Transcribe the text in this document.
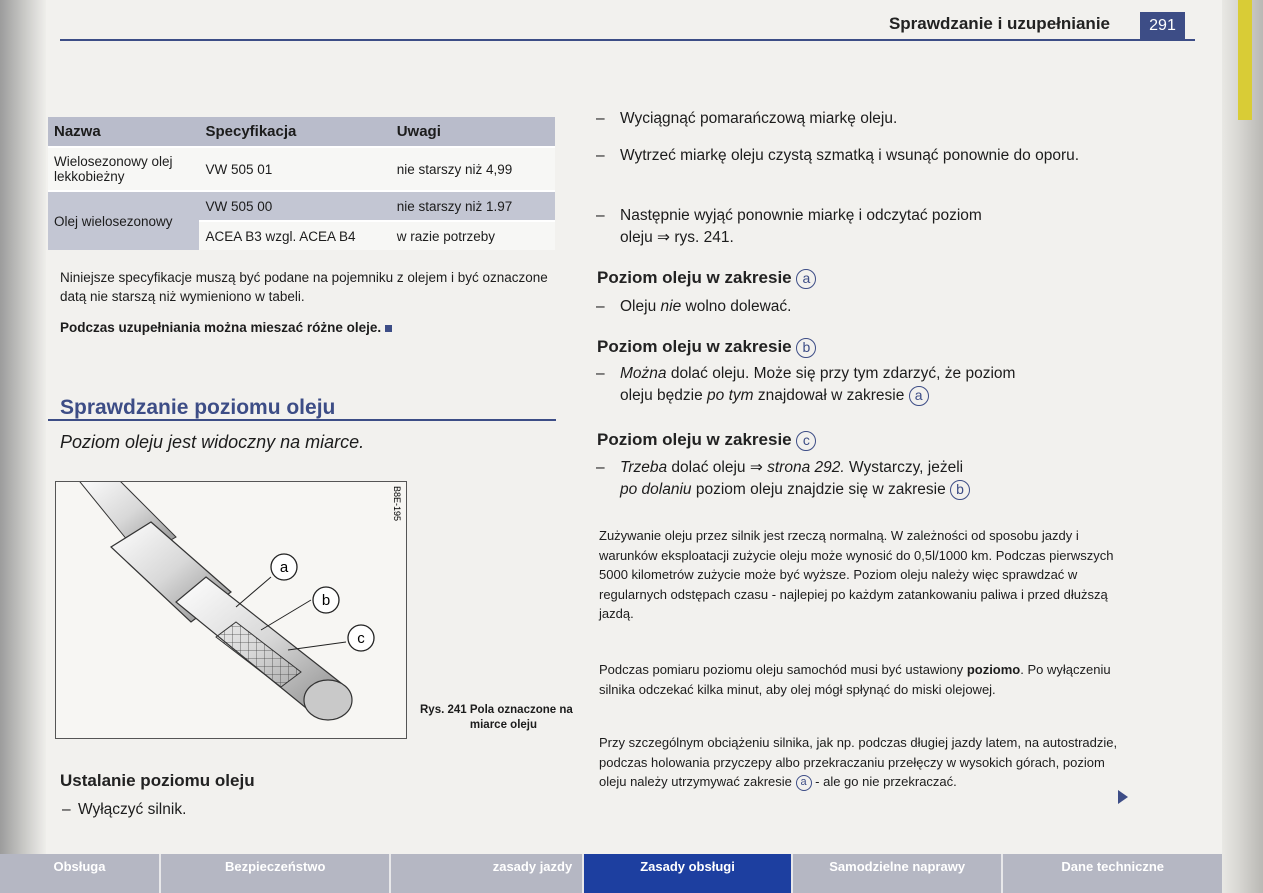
Sprawdzanie i uzupełnianie	291
Nazwa	Specyfikacja	Uwagi
Wielosezonowy olej lekkobieżny	VW 505 01	nie starszy niż 4,99
Olej wielosezonowy	VW 505 00	nie starszy niż 1.97
	ACEA B3 wzgl. ACEA B4	w razie potrzeby
Niniejsze specyfikacje muszą być podane na pojemniku z olejem i być oznaczone datą nie starszą niż wymieniono w tabeli.
Podczas uzupełniania można mieszać różne oleje.
Sprawdzanie poziomu oleju
Poziom oleju jest widoczny na miarce.
a
b
c
B8E-195
Rys. 241 Pola oznaczone na miarce oleju
Ustalanie poziomu oleju
– Wyłączyć silnik.
– Wyciągnąć pomarańczową miarkę oleju.
– Wytrzeć miarkę oleju czystą szmatką i wsunąć ponownie do oporu.
– Następnie wyjąć ponownie miarkę i odczytać poziom
oleju ⇒ rys. 241.
Poziom oleju w zakresie a
– Oleju nie wolno dolewać.
Poziom oleju w zakresie b
– Można dolać oleju. Może się przy tym zdarzyć, że poziom
oleju będzie po tym znajdował w zakresie a
Poziom oleju w zakresie c
– Trzeba dolać oleju ⇒ strona 292. Wystarczy, jeżeli
po dolaniu poziom oleju znajdzie się w zakresie b
Zużywanie oleju przez silnik jest rzeczą normalną. W zależności od sposobu jazdy i warunków eksploatacji zużycie oleju może wynosić do 0,5l/1000 km. Podczas pierwszych 5000 kilometrów zużycie może być wyższe. Poziom oleju należy więc sprawdzać w regularnych odstępach czasu - najlepiej po każdym zatankowaniu paliwa i przed dłuższą jazdą.
Podczas pomiaru poziomu oleju samochód musi być ustawiony poziomo. Po wyłączeniu silnika odczekać kilka minut, aby olej mógł spłynąć do miski olejowej.
Przy szczególnym obciążeniu silnika, jak np. podczas długiej jazdy latem, na autostradzie, podczas holowania przyczepy albo przekraczaniu przełęczy w wysokich górach, poziom oleju należy utrzymywać zakresie a - ale go nie przekraczać.
Obsługa	Bezpieczeństwo	zasady jazdy	Zasady obsługi	Samodzielne naprawy	Dane techniczne
